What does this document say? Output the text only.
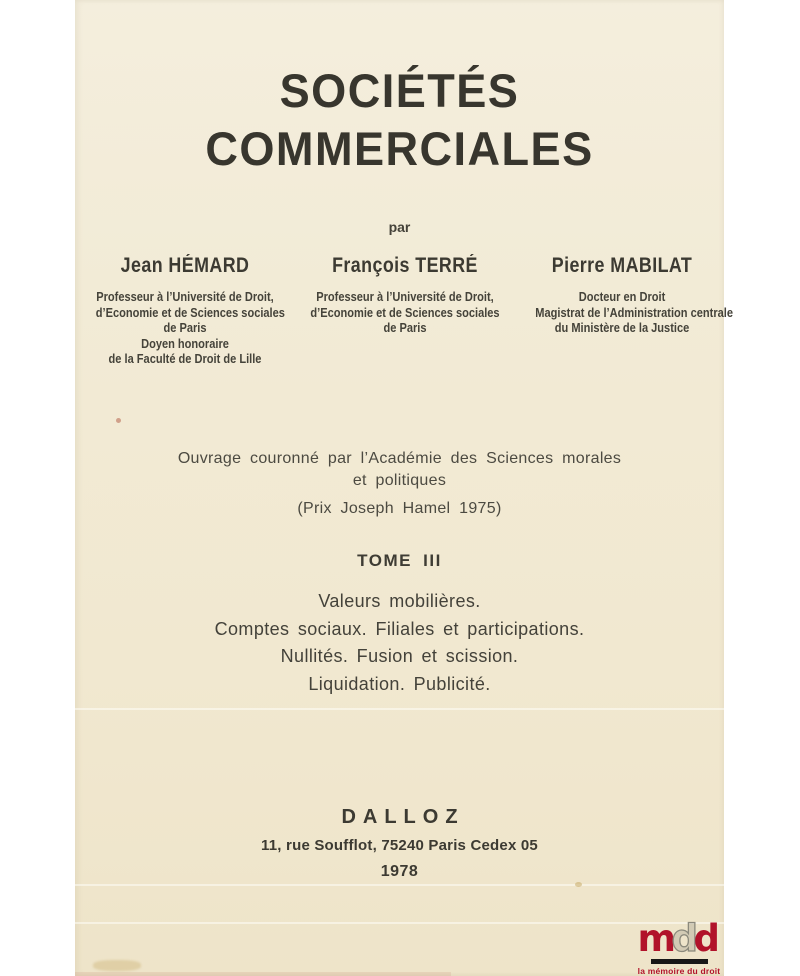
SOCIÉTÉS
COMMERCIALES
par
Jean HÉMARD
Professeur à l’Université de Droit,
d’Economie et de Sciences sociales
de Paris
Doyen honoraire
de la Faculté de Droit de Lille
François TERRÉ
Professeur à l’Université de Droit,
d’Economie et de Sciences sociales
de Paris
Pierre MABILAT
Docteur en Droit
Magistrat de l’Administration centrale
du Ministère de la Justice
Ouvrage couronné par l’Académie des Sciences morales
et politiques
(Prix Joseph Hamel 1975)
TOME III
Valeurs mobilières.
Comptes sociaux. Filiales et participations.
Nullités. Fusion et scission.
Liquidation. Publicité.
DALLOZ
11, rue Soufflot, 75240 Paris Cedex 05
1978
mdd
la mémoire du droit
